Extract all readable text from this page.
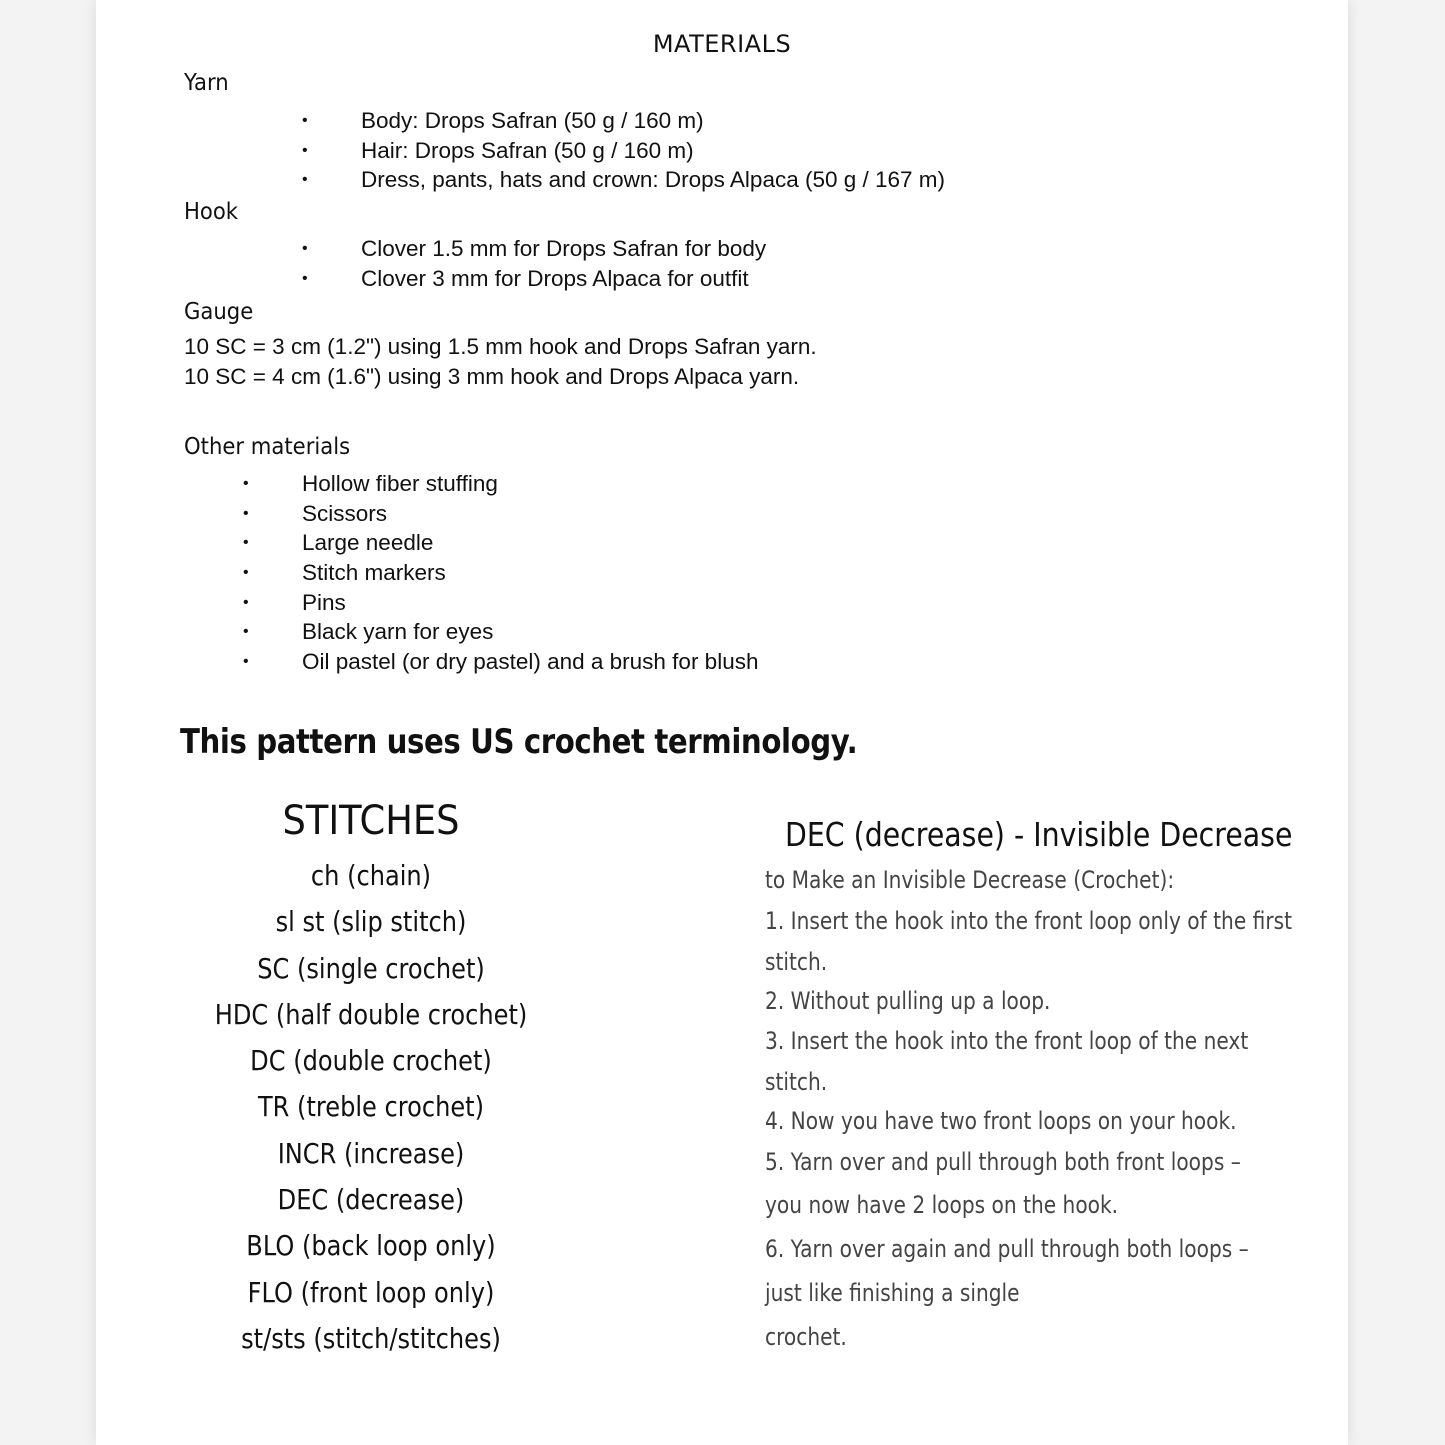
MATERIALS
Yarn
• Body: Drops Safran (50 g / 160 m)
• Hair: Drops Safran (50 g / 160 m)
• Dress, pants, hats and crown: Drops Alpaca (50 g / 167 m)
Hook
• Clover 1.5 mm for Drops Safran for body
• Clover 3 mm for Drops Alpaca for outfit
Gauge
10 SC = 3 cm (1.2") using 1.5 mm hook and Drops Safran yarn.
10 SC = 4 cm (1.6") using 3 mm hook and Drops Alpaca yarn.
Other materials
• Hollow fiber stuffing
• Scissors
• Large needle
• Stitch markers
• Pins
• Black yarn for eyes
• Oil pastel (or dry pastel) and a brush for blush
This pattern uses US crochet terminology.
STITCHES
ch (chain)
sl st (slip stitch)
SC (single crochet)
HDC (half double crochet)
DC (double crochet)
TR (treble crochet)
INCR (increase)
DEC (decrease)
BLO (back loop only)
FLO (front loop only)
st/sts (stitch/stitches)
DEC (decrease) - Invisible Decrease
to Make an Invisible Decrease (Crochet):
1. Insert the hook into the front loop only of the first
stitch.
2. Without pulling up a loop.
3. Insert the hook into the front loop of the next
stitch.
4. Now you have two front loops on your hook.
5. Yarn over and pull through both front loops –
you now have 2 loops on the hook.
6. Yarn over again and pull through both loops –
just like finishing a single
crochet.
